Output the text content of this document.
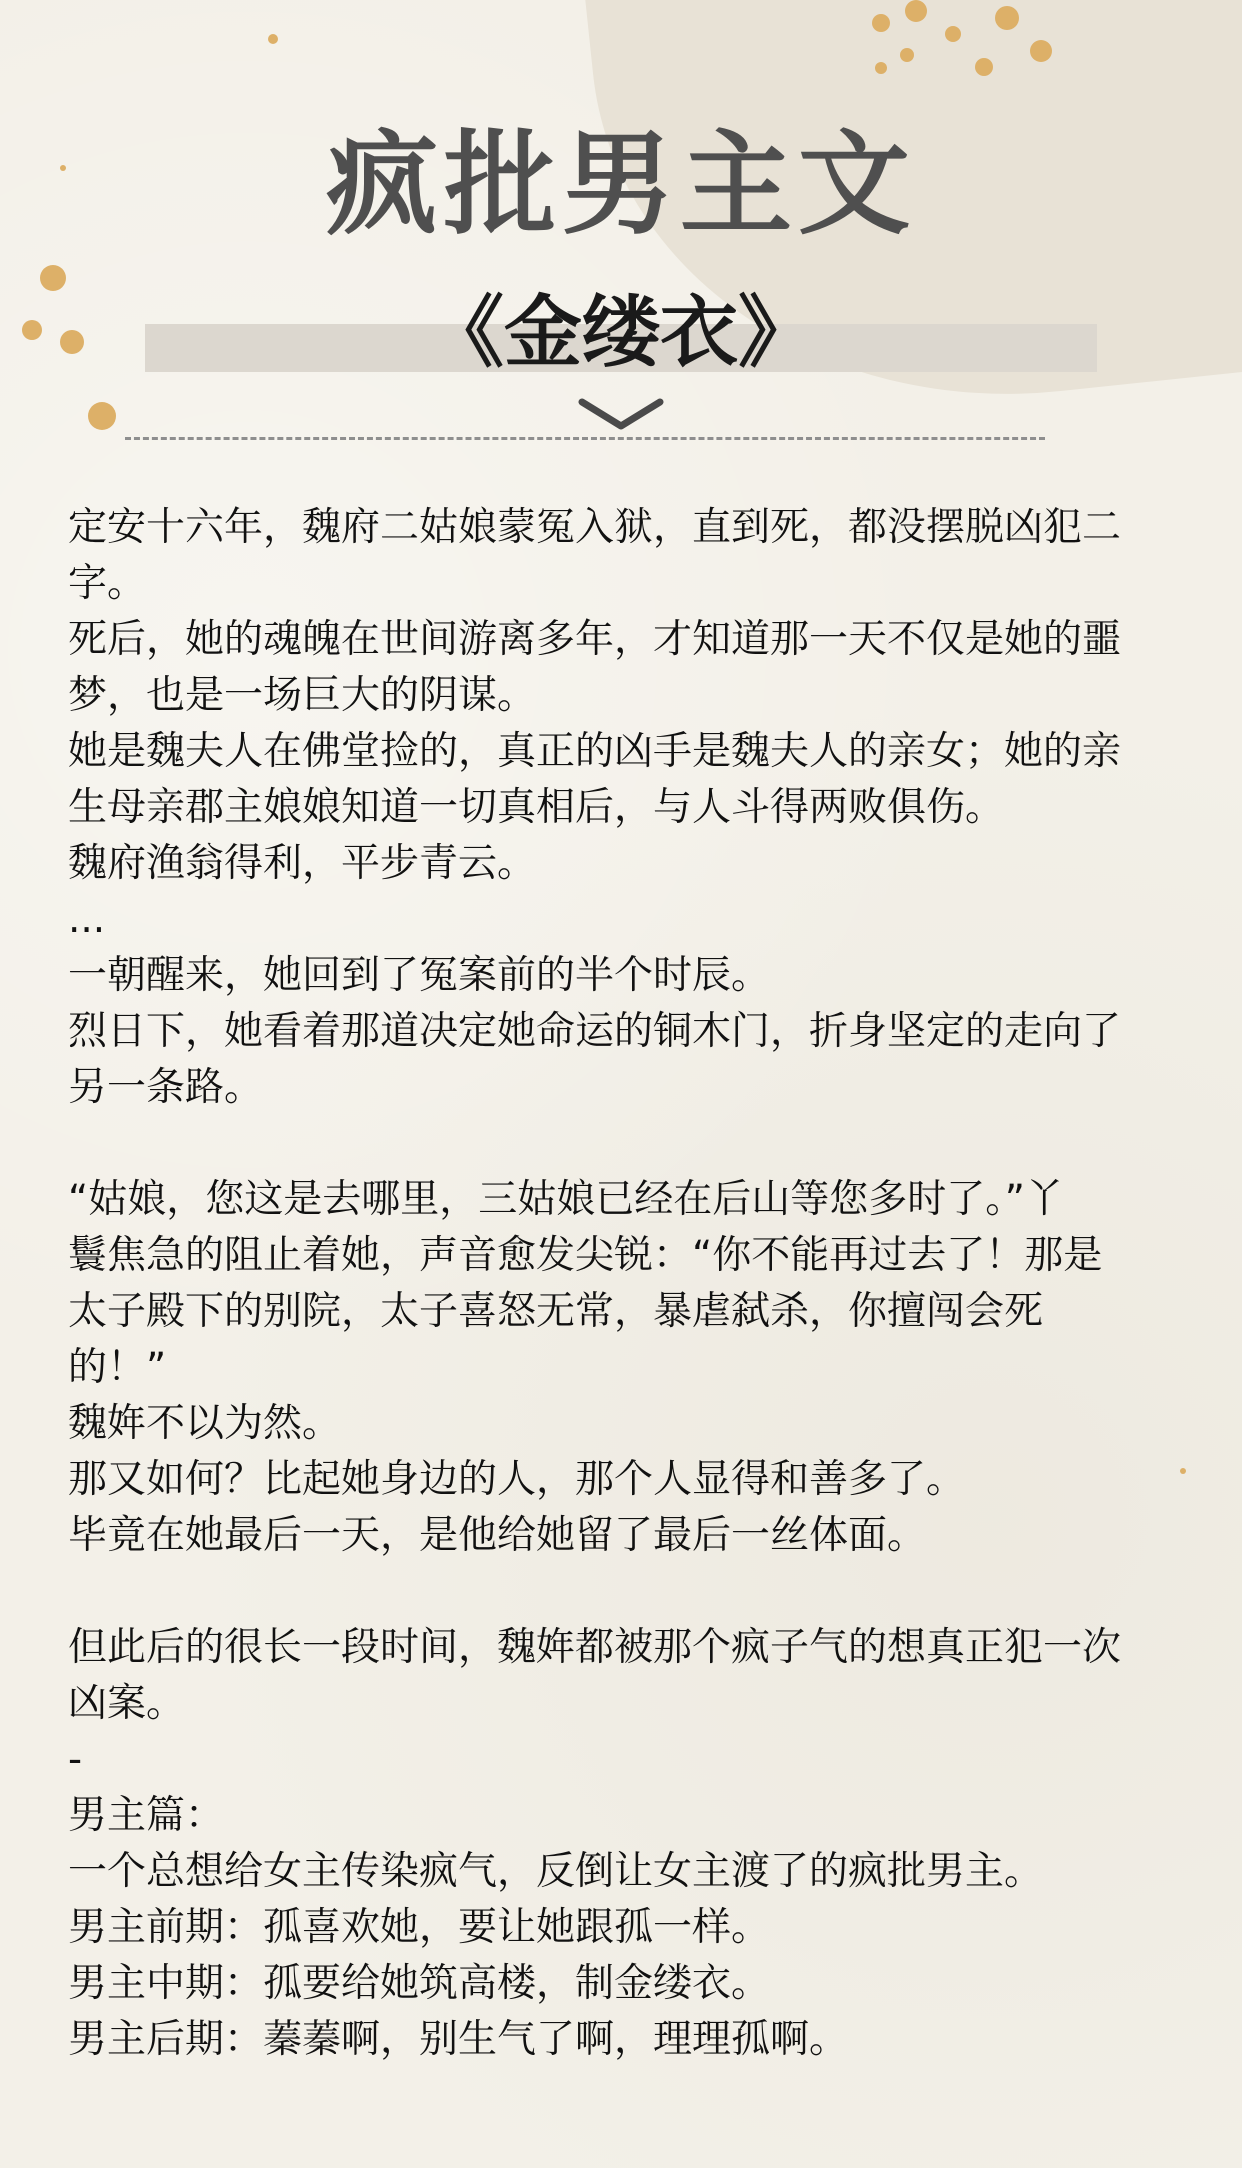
疯批男主文
《金缕衣》
定安十六年，魏府二姑娘蒙冤入狱，直到死，都没摆脱凶犯二
字。
死后，她的魂魄在世间游离多年，才知道那一天不仅是她的噩
梦，也是一场巨大的阴谋。
她是魏夫人在佛堂捡的，真正的凶手是魏夫人的亲女；她的亲
生母亲郡主娘娘知道一切真相后，与人斗得两败俱伤。
魏府渔翁得利，平步青云。
...
一朝醒来，她回到了冤案前的半个时辰。
烈日下，她看着那道决定她命运的铜木门，折身坚定的走向了
另一条路。
“姑娘，您这是去哪里，三姑娘已经在后山等您多时了。”丫
鬟焦急的阻止着她，声音愈发尖锐：“你不能再过去了！那是
太子殿下的别院，太子喜怒无常，暴虐弑杀，你擅闯会死
的！”
魏姩不以为然。
那又如何？比起她身边的人，那个人显得和善多了。
毕竟在她最后一天，是他给她留了最后一丝体面。
但此后的很长一段时间，魏姩都被那个疯子气的想真正犯一次
凶案。
-
男主篇：
一个总想给女主传染疯气，反倒让女主渡了的疯批男主。
男主前期：孤喜欢她，要让她跟孤一样。
男主中期：孤要给她筑高楼，制金缕衣。
男主后期：蓁蓁啊，别生气了啊，理理孤啊。
